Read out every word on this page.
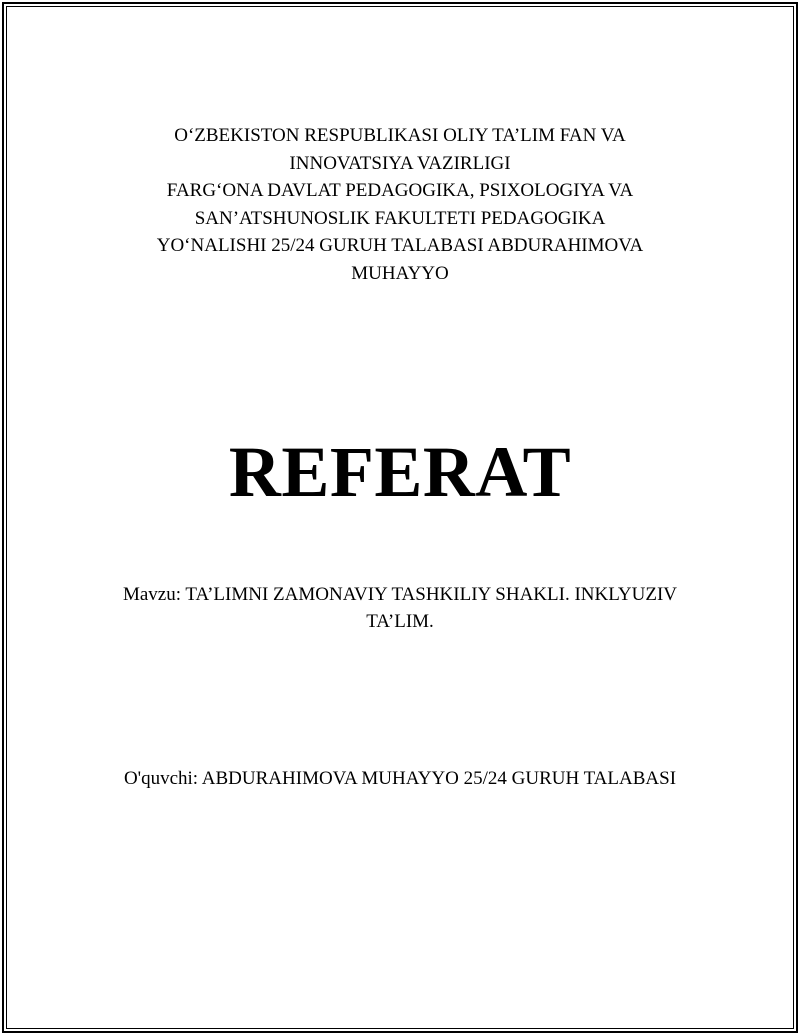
O‘ZBEKISTON RESPUBLIKASI OLIY TA’LIM FAN VA
INNOVATSIYA VAZIRLIGI
FARG‘ONA DAVLAT PEDAGOGIKA, PSIXOLOGIYA VA
SAN’ATSHUNOSLIK FAKULTETI PEDAGOGIKA
YO‘NALISHI 25/24 GURUH TALABASI ABDURAHIMOVA
MUHAYYO
REFERAT
Mavzu: TA’LIMNI ZAMONAVIY TASHKILIY SHAKLI. INKLYUZIV
TA’LIM.
O'quvchi: ABDURAHIMOVA MUHAYYO 25/24 GURUH TALABASI
